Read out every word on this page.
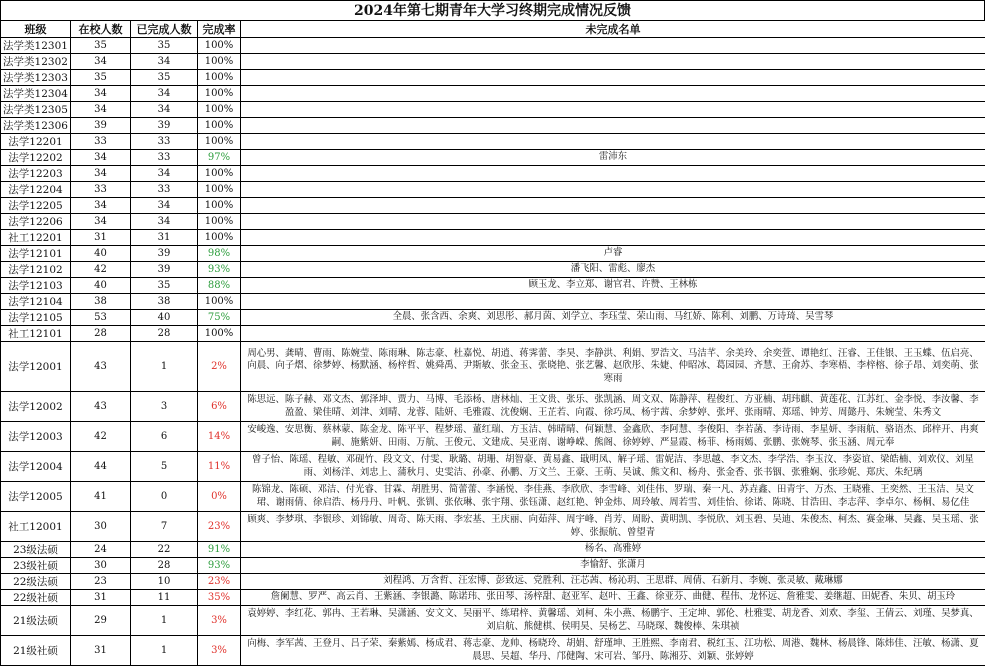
2024年第七期青年大学习终期完成情况反馈
班级	在校人数	已完成人数	完成率	未完成名单
法学类12301	35	35	100%	
法学类12302	34	34	100%	
法学类12303	35	35	100%	
法学类12304	34	34	100%	
法学类12305	34	34	100%	
法学类12306	39	39	100%	
法学12201	33	33	100%	
法学12202	34	33	97%	雷沛东
法学12203	34	34	100%	
法学12204	33	33	100%	
法学12205	34	34	100%	
法学12206	34	34	100%	
社工12201	31	31	100%	
法学12101	40	39	98%	卢睿
法学12102	42	39	93%	潘飞阳、雷彪、廖杰
法学12103	40	35	88%	顾玉龙、李立郑、谢官君、许赞、王林栋
法学12104	38	38	100%	
法学12105	53	40	75%	全晨、张含西、余爽、刘思彤、郝月茵、刘学立、李珏莹、荣山雨、马红娇、陈利、刘鹏、万诗琦、吴雪琴
社工12101	28	28	100%	
法学12001	43	1	2%	周心男、龚晴、曹雨、陈婉莹、陈雨琳、陈志豪、杜嘉悦、胡逍、蒋霁蕾、李昊、李静洪、利娟、罗浩文、马洁芊、余美玲、余奕萱、谭艳红、汪睿、王佳银、王玉蝶、伍启亮、向晨、向子熠、徐梦婷、杨默涵、杨梓哲、姚舜禹、尹斯敏、张金玉、张晓艳、张艺馨、赵欣彤、朱婕、仲昭冰、葛园园、齐慧、王俞苏、李寒梧、李梓榕、徐子昂、刘奕萌、张寒雨
法学12002	43	3	6%	陈思远、陈子赫、邓文杰、郭泽坤、贾力、马博、毛添杨、唐林灿、王文贵、张乐、张凯涵、周文双、陈静萍、程俊红、方亚楠、胡玮麒、黄莲花、江苏红、金李悦、李汝馨、李盈盈、梁佳晴、刘津、刘晴、龙蓉、陆妍、毛雅霞、沈俊娴、王芷若、向霞、徐巧凤、杨宇茜、余梦婷、张坪、张雨晴、郑瑶、钟芳、周懿丹、朱婉莹、朱秀文
法学12003	42	6	14%	安峻逸、安思衡、蔡林蒙、陈金龙、陈平平、程梦瑶、董红瑞、方玉洁、韩晴晴、何颖慧、金鑫欣、李阿慧、李俊阳、李若菡、李诗雨、李星妍、李雨航、骆语杰、邱梓开、冉爽嗣、施紫妍、田雨、万航、王俊元、文建成、吴亚南、谢峥嵘、熊阁、徐婷婷、严显霞、杨菲、杨雨嫣、张鹏、张婉琴、张玉涵、周元奉
法学12004	44	5	11%	曾子怡、陈瑶、程敏、邓砚竹、段文文、付雯、耿璐、胡珊、胡智豪、黄易鑫、戢明凤、解子瑶、雷妮洁、李思越、李文杰、李学浩、李玉汶、李姿谊、梁皓楠、刘欢仪、刘星雨、刘杨洋、刘忠上、蒲秋月、史雯洁、孙豪、孙鹏、万文兰、王豪、王萌、吴诚、熊文和、杨舟、张金香、张书铟、张雅娴、张珍妮、郑庆、朱纪璃
法学12005	41	0	0%	陈锦龙、陈硕、邓洁、付光睿、甘霖、胡胜男、简蕾蕾、李涵悦、李佳燕、李欣欣、李雪峰、刘佳伟、罗瑞、秦一凡、苏垚鑫、田青宇、万杰、王晓雅、王奕然、王玉洁、吴文珺、谢雨倩、徐启浩、杨丹丹、叶帆、张钏、张依琳、张宇翔、张钰潇、赵红艳、钟金炜、周玲敏、周若雪、刘佳怡、徐诺、陈晓、甘浩田、李志萍、李卓尔、杨桐、易亿佳
社工12001	30	7	23%	顾爽、李梦琪、李银珍、刘锦敏、周奇、陈天雨、李宏基、王庆丽、向茹萍、周宇峰、肖芳、周盼、黄明凯、李悦欣、刘玉碧、吴迪、朱俊杰、柯杰、赛金琳、吴鑫、吴玉瑶、张婷、张振航、曾望青
23级法硕	24	22	91%	杨名、高雅婷
23级社硕	30	28	93%	李愉舒、张潇月
22级法硕	23	10	23%	刘程鸿、万含哲、汪宏博、彭致远、党胜利、汪芯茜、杨沁玥、王思群、周倩、石新月、李婉、张灵敏、戴琳娜
22级社硕	31	11	35%	詹阑慧、罗严、高云肖、王紫涵、李银潞、陈诺玮、张田琴、汤梓甜、赵亚军、赵叶、王鑫、徐亚芬、曲健、程伟、龙怀远、詹雅雯、姜继超、田妮香、朱贝、胡玉玲
21级法硕	29	1	3%	袁婷婷、李红花、郭冉、王若琳、吴潇涵、安文文、吴丽平、练珺梓、黄馨瑶、刘柯、朱小燕、杨鹏宇、王定坤、郭伦、杜雅雯、胡龙香、刘欢、李玺、王倩云、刘瑾、吴梦真、刘启航、熊健棋、侯明昊、吴杨艺、马晓琛、魏俊棒、朱琪祯
21级社硕	31	1	3%	向梅、李军茜、王登月、吕子荣、秦紫嫣、杨成君、蒋志豪、龙帅、杨晓玲、胡娟、舒瑾坤、王胜熙、李南君、税红玉、江功松、周港、魏林、杨晨锋、陈炜佳、汪敏、杨潇、夏晨思、吴超、华丹、邝健陶、宋可岩、邹丹、陈湘芬、刘颖、张婷婷
